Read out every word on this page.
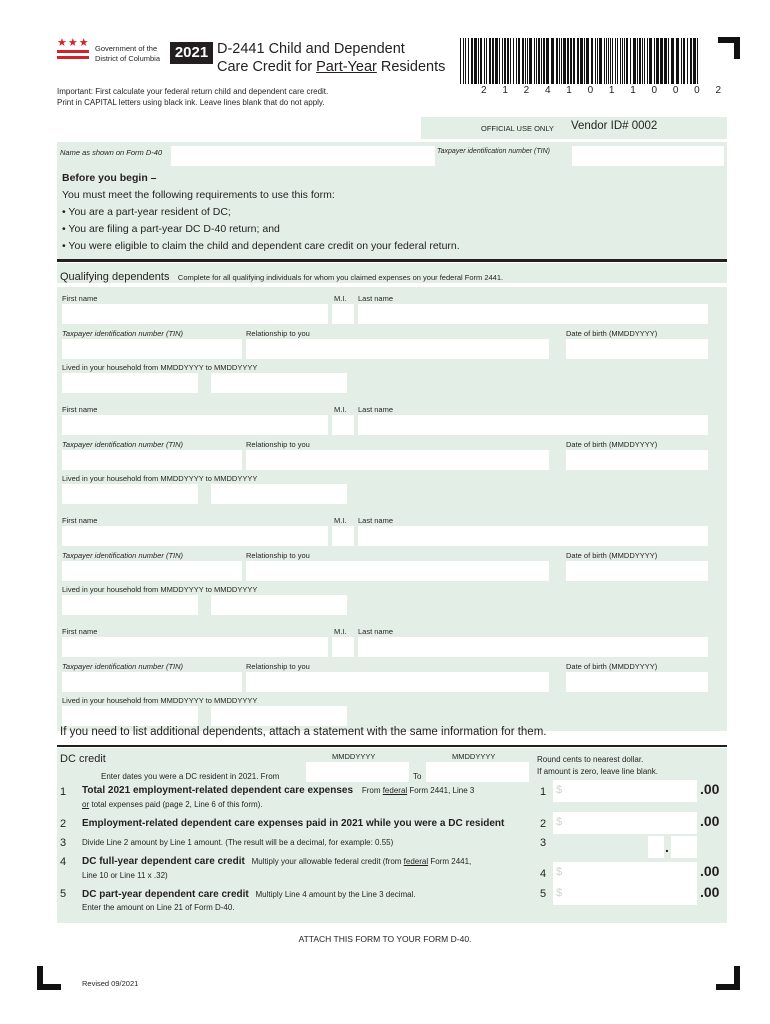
★★★ Government of the
District of Columbia 2021 D-2441 Child and Dependent
Care Credit for Part-Year Residents
2  1  2  4  1  0  1  1  0  0  0  2
Important: First calculate your federal return child and dependent care credit.
Print in CAPITAL letters using black ink. Leave lines blank that do not apply.
OFFICIAL USE ONLY Vendor ID# 0002
Name as shown on Form D-40	Taxpayer identification number (TIN)
Before you begin –
You must meet the following requirements to use this form:
• You are a part-year resident of DC;
• You are filing a part-year DC D-40 return; and
• You were eligible to claim the child and dependent care credit on your federal return.
Qualifying dependents Complete for all qualifying individuals for whom you claimed expenses on your federal Form 2441.
First name	M.I. Last name
Taxpayer identification number (TIN)	Relationship to you	Date of birth (MMDDYYYY)
Lived in your household from MMDDYYYY to MMDDYYYY
First name	M.I. Last name
Taxpayer identification number (TIN)	Relationship to you	Date of birth (MMDDYYYY)
Lived in your household from MMDDYYYY to MMDDYYYY
First name	M.I. Last name
Taxpayer identification number (TIN)	Relationship to you	Date of birth (MMDDYYYY)
Lived in your household from MMDDYYYY to MMDDYYYY
First name	M.I. Last name
Taxpayer identification number (TIN)	Relationship to you	Date of birth (MMDDYYYY)
Lived in your household from MMDDYYYY to MMDDYYYY
If you need to list additional dependents, attach a statement with the same information for them.
DC credit	MMDDYYYY	MMDDYYYY	Round cents to nearest dollar.
If amount is zero, leave line blank.
Enter dates you were a DC resident in 2021. From	To
1 Total 2021 employment-related dependent care expenses From federal Form 2441, Line 3
or total expenses paid (page 2, Line 6 of this form).
2 Employment-related dependent care expenses paid in 2021 while you were a DC resident
3 Divide Line 2 amount by Line 1 amount. (The result will be a decimal, for example: 0.55)
4 DC full-year dependent care credit Multiply your allowable federal credit (from federal Form 2441,
Line 10 or Line 11 x .32)
5 DC part-year dependent care credit Multiply Line 4 amount by the Line 3 decimal.
Enter the amount on Line 21 of Form D-40.
1 $	.00
2 $	.00
3	.
4 $	.00
5 $	.00
ATTACH THIS FORM TO YOUR FORM D-40.
Revised 09/2021
